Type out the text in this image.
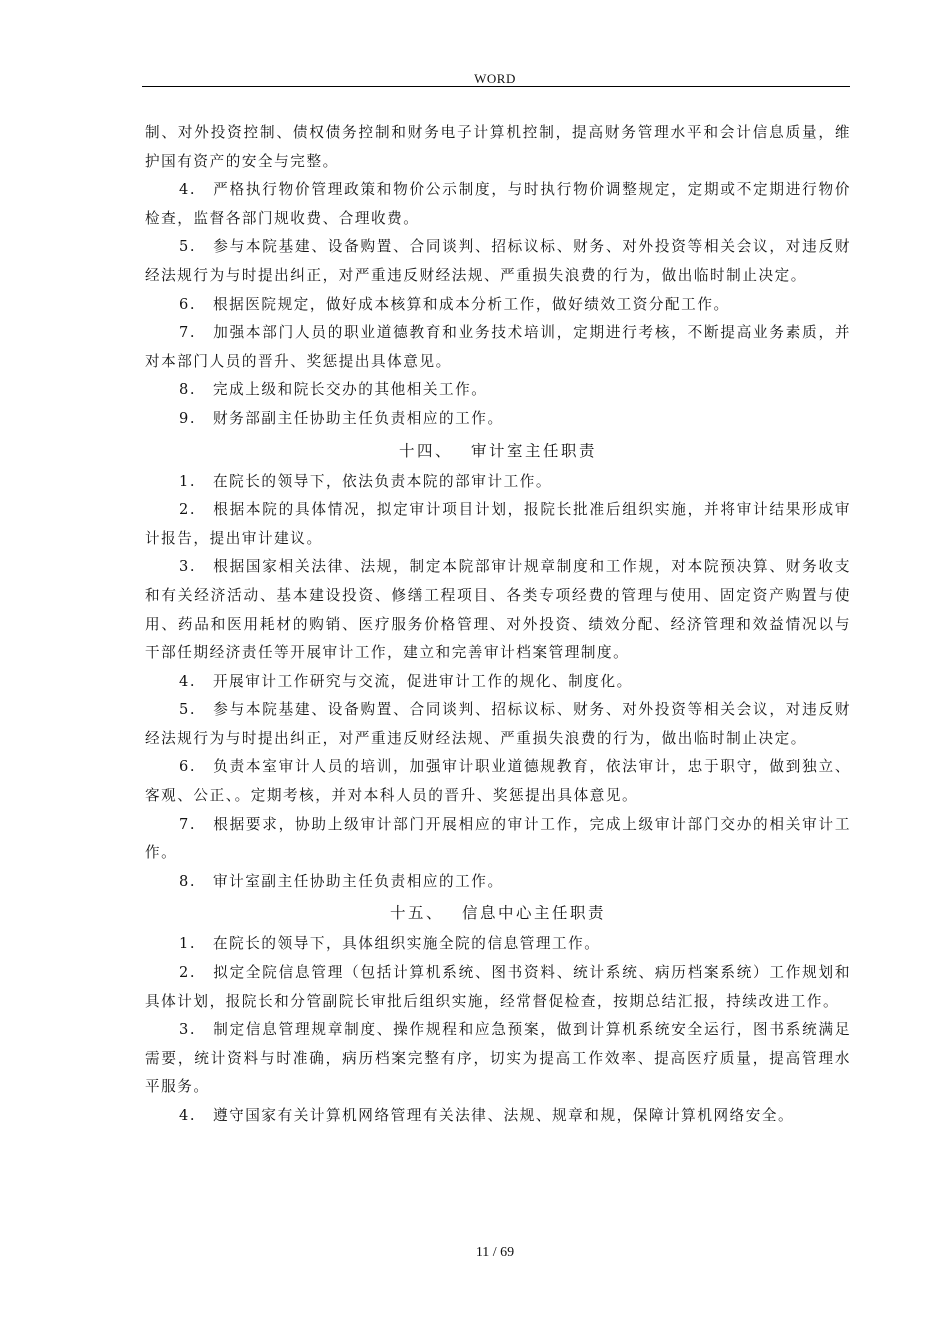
WORD

制、对外投资控制、债权债务控制和财务电子计算机控制，提高财务管理水平和会计信息质量，维护国有资产的安全与完整。

4. 严格执行物价管理政策和物价公示制度，与时执行物价调整规定，定期或不定期进行物价检查，监督各部门规收费、合理收费。

5. 参与本院基建、设备购置、合同谈判、招标议标、财务、对外投资等相关会议，对违反财经法规行为与时提出纠正，对严重违反财经法规、严重损失浪费的行为，做出临时制止决定。

6. 根据医院规定，做好成本核算和成本分析工作，做好绩效工资分配工作。

7. 加强本部门人员的职业道德教育和业务技术培训，定期进行考核，不断提高业务素质，并对本部门人员的晋升、奖惩提出具体意见。

8. 完成上级和院长交办的其他相关工作。

9. 财务部副主任协助主任负责相应的工作。

十四、 审计室主任职责

1. 在院长的领导下，依法负责本院的部审计工作。

2. 根据本院的具体情况，拟定审计项目计划，报院长批准后组织实施，并将审计结果形成审计报告，提出审计建议。

3. 根据国家相关法律、法规，制定本院部审计规章制度和工作规，对本院预决算、财务收支和有关经济活动、基本建设投资、修缮工程项目、各类专项经费的管理与使用、固定资产购置与使用、药品和医用耗材的购销、医疗服务价格管理、对外投资、绩效分配、经济管理和效益情况以与干部任期经济责任等开展审计工作，建立和完善审计档案管理制度。

4. 开展审计工作研究与交流，促进审计工作的规化、制度化。

5. 参与本院基建、设备购置、合同谈判、招标议标、财务、对外投资等相关会议，对违反财经法规行为与时提出纠正，对严重违反财经法规、严重损失浪费的行为，做出临时制止决定。

6. 负责本室审计人员的培训，加强审计职业道德规教育，依法审计，忠于职守，做到独立、客观、公正、。定期考核，并对本科人员的晋升、奖惩提出具体意见。

7. 根据要求，协助上级审计部门开展相应的审计工作，完成上级审计部门交办的相关审计工作。

8. 审计室副主任协助主任负责相应的工作。

十五、 信息中心主任职责

1. 在院长的领导下，具体组织实施全院的信息管理工作。

2. 拟定全院信息管理（包括计算机系统、图书资料、统计系统、病历档案系统）工作规划和具体计划，报院长和分管副院长审批后组织实施，经常督促检查，按期总结汇报，持续改进工作。

3. 制定信息管理规章制度、操作规程和应急预案，做到计算机系统安全运行，图书系统满足需要，统计资料与时准确，病历档案完整有序，切实为提高工作效率、提高医疗质量，提高管理水平服务。

4. 遵守国家有关计算机网络管理有关法律、法规、规章和规，保障计算机网络安全。

11 / 69
